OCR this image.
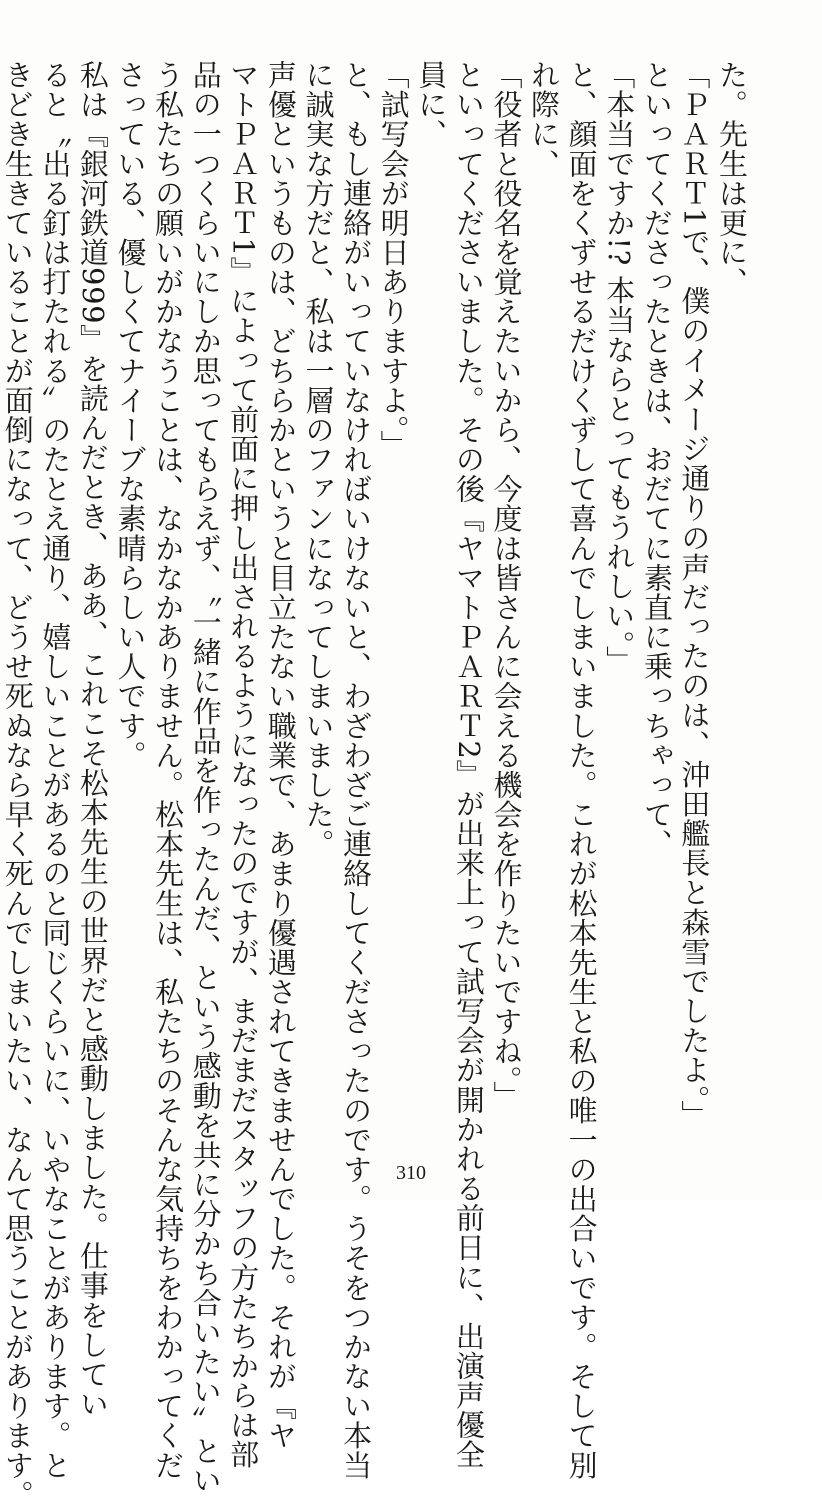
た。先生は更に、
「ＰＡＲＴ1で、僕のイメージ通りの声だったのは、沖田艦長と森雪でしたよ。」
といってくださったときは、おだてに素直に乗っちゃって、
「本当ですか!? 本当ならとってもうれしい。」
と、顔面をくずせるだけくずして喜んでしまいました。これが松本先生と私の唯一の出合いです。そして別
れ際に、
「役者と役名を覚えたいから、今度は皆さんに会える機会を作りたいですね。」
といってくださいました。その後『ヤマトＰＡＲＴ2』が出来上って試写会が開かれる前日に、出演声優全
員に、
「試写会が明日ありますよ。」
と、もし連絡がいっていなければいけないと、わざわざご連絡してくださったのです。うそをつかない本当
に誠実な方だと、私は一層のファンになってしまいました。
声優というものは、どちらかというと目立たない職業で、あまり優遇されてきませんでした。それが『ヤ
マトＰＡＲＴ1』によって前面に押し出されるようになったのですが、まだまだスタッフの方たちからは部
品の一つくらいにしか思ってもらえず、〝一緒に作品を作ったんだ、という感動を共に分かち合いたい〟とい
う私たちの願いがかなうことは、なかなかありません。松本先生は、私たちのそんな気持ちをわかってくだ
さっている、優しくてナイーブな素晴らしい人です。
私は『銀河鉄道999』を読んだとき、ああ、これこそ松本先生の世界だと感動しました。仕事をしてい
ると〝出る釘は打たれる〟のたとえ通り、嬉しいことがあるのと同じくらいに、いやなことがあります。と
きどき生きていることが面倒になって、どうせ死ぬなら早く死んでしまいたい、なんて思うことがあります。	310
